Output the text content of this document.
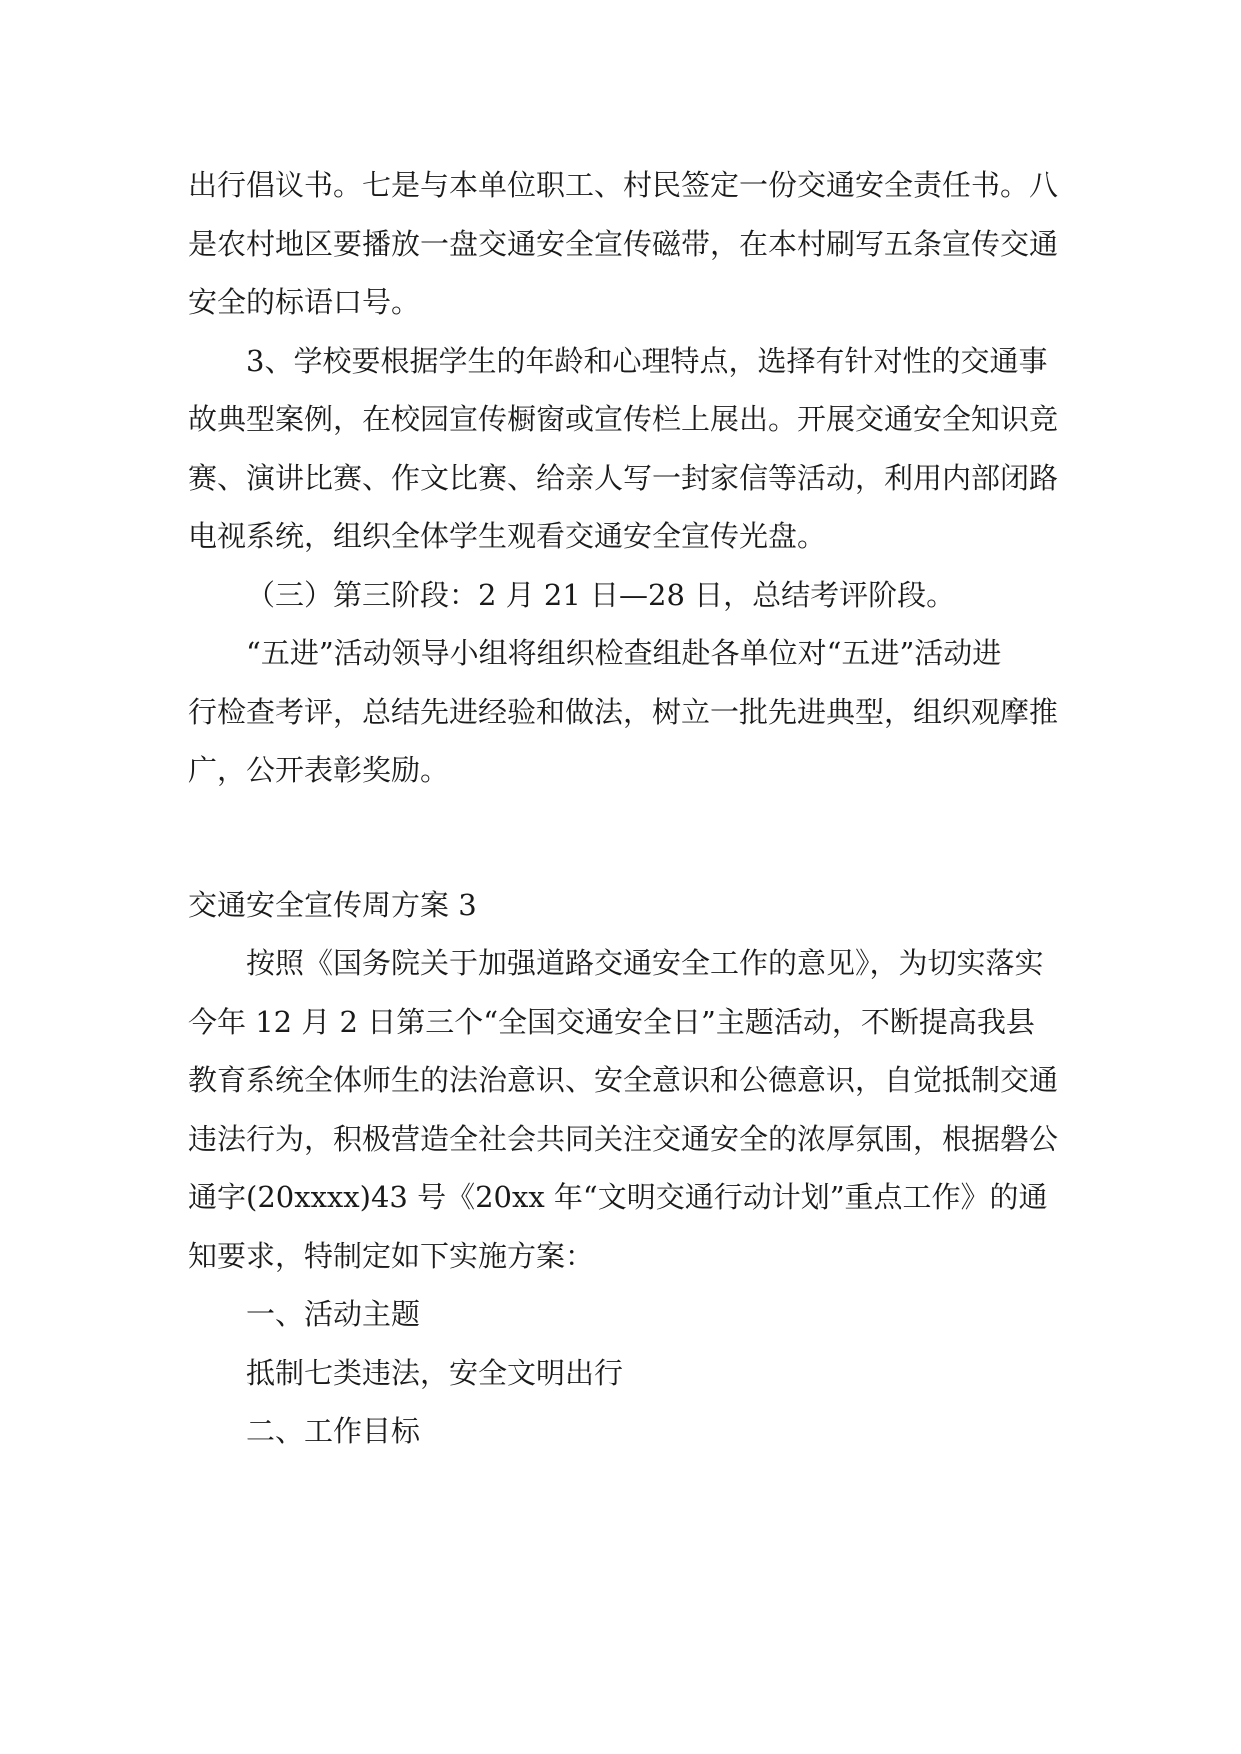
出行倡议书。七是与本单位职工、村民签定一份交通安全责任书。八
是农村地区要播放一盘交通安全宣传磁带，在本村刷写五条宣传交通
安全的标语口号。

3、学校要根据学生的年龄和心理特点，选择有针对性的交通事
故典型案例，在校园宣传橱窗或宣传栏上展出。开展交通安全知识竞
赛、演讲比赛、作文比赛、给亲人写一封家信等活动，利用内部闭路
电视系统，组织全体学生观看交通安全宣传光盘。

（三）第三阶段：2 月 21 日—28 日，总结考评阶段。

“五进”活动领导小组将组织检查组赴各单位对“五进”活动进
行检查考评，总结先进经验和做法，树立一批先进典型，组织观摩推
广，公开表彰奖励。

交通安全宣传周方案 3

按照《国务院关于加强道路交通安全工作的意见》，为切实落实
今年 12 月 2 日第三个“全国交通安全日”主题活动，不断提高我县
教育系统全体师生的法治意识、安全意识和公德意识，自觉抵制交通
违法行为，积极营造全社会共同关注交通安全的浓厚氛围，根据磐公
通字(20xxxx)43 号《20xx 年“文明交通行动计划”重点工作》的通
知要求，特制定如下实施方案：

一、活动主题

抵制七类违法，安全文明出行

二、工作目标
